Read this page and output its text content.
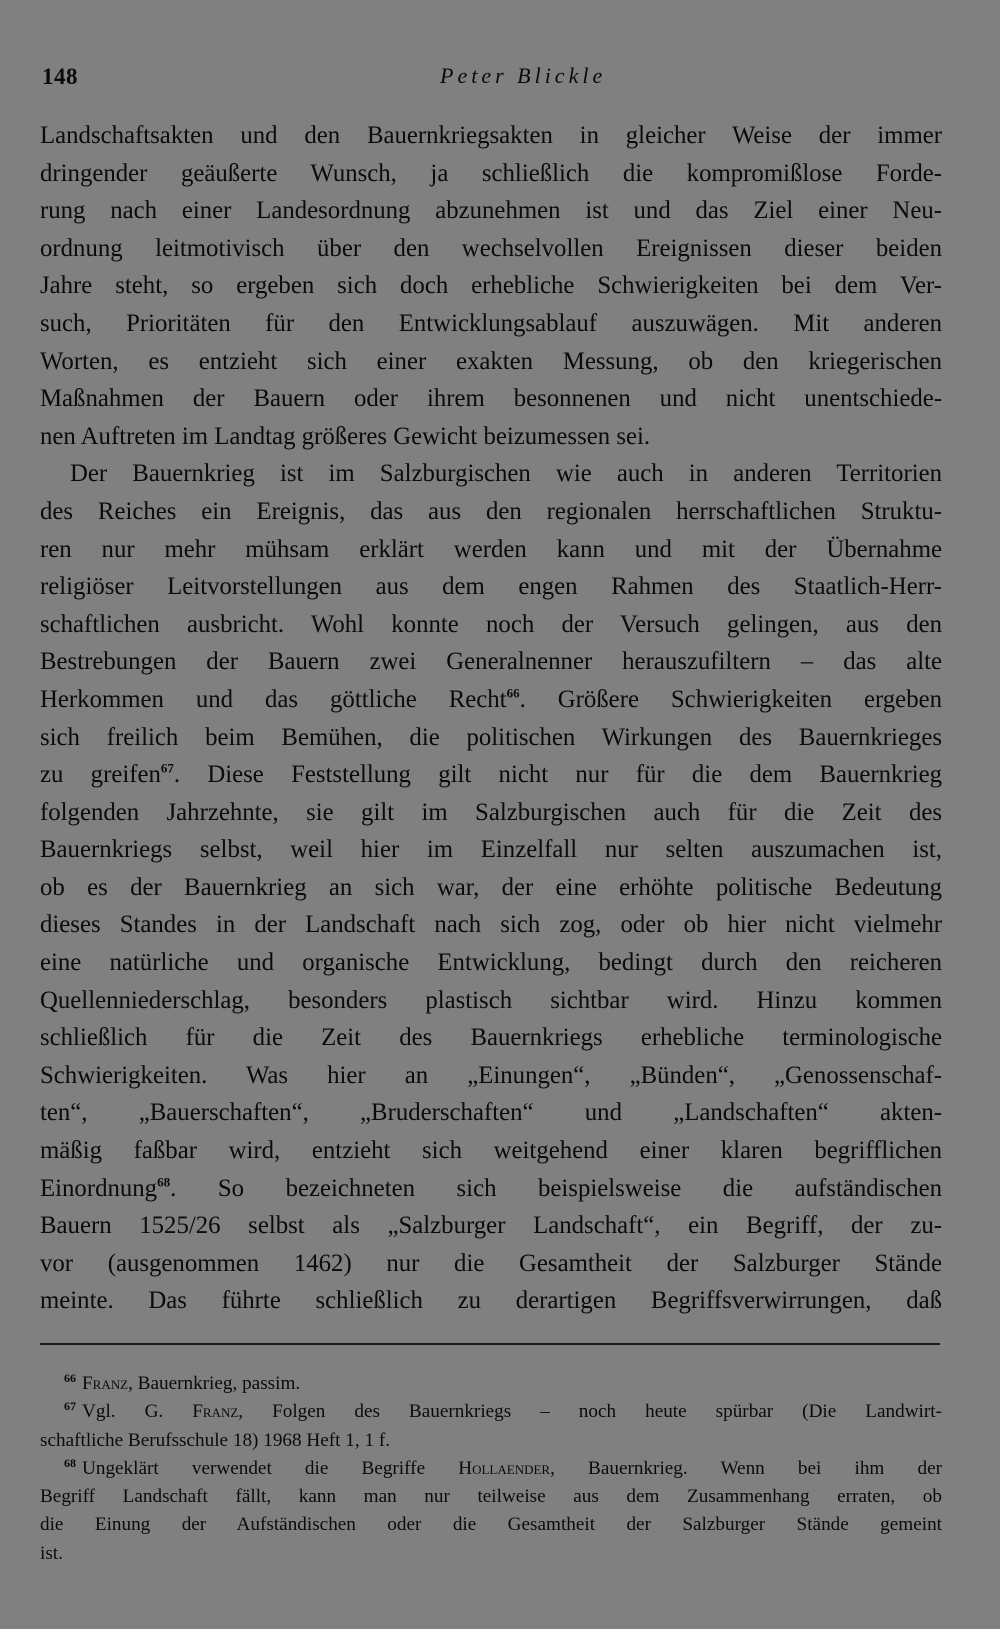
148	Peter Blickle
Landschaftsakten und den Bauernkriegsakten in gleicher Weise der immer
dringender geäußerte Wunsch, ja schließlich die kompromißlose Forde-
rung nach einer Landesordnung abzunehmen ist und das Ziel einer Neu-
ordnung leitmotivisch über den wechselvollen Ereignissen dieser beiden
Jahre steht, so ergeben sich doch erhebliche Schwierigkeiten bei dem Ver-
such, Prioritäten für den Entwicklungsablauf auszuwägen. Mit anderen
Worten, es entzieht sich einer exakten Messung, ob den kriegerischen
Maßnahmen der Bauern oder ihrem besonnenen und nicht unentschiede-
nen Auftreten im Landtag größeres Gewicht beizumessen sei.
Der Bauernkrieg ist im Salzburgischen wie auch in anderen Territorien
des Reiches ein Ereignis, das aus den regionalen herrschaftlichen Struktu-
ren nur mehr mühsam erklärt werden kann und mit der Übernahme
religiöser Leitvorstellungen aus dem engen Rahmen des Staatlich-Herr-
schaftlichen ausbricht. Wohl konnte noch der Versuch gelingen, aus den
Bestrebungen der Bauern zwei Generalnenner herauszufiltern – das alte
Herkommen und das göttliche Recht$^{66}$. Größere Schwierigkeiten ergeben
sich freilich beim Bemühen, die politischen Wirkungen des Bauernkrieges
zu greifen$^{67}$. Diese Feststellung gilt nicht nur für die dem Bauernkrieg
folgenden Jahrzehnte, sie gilt im Salzburgischen auch für die Zeit des
Bauernkriegs selbst, weil hier im Einzelfall nur selten auszumachen ist,
ob es der Bauernkrieg an sich war, der eine erhöhte politische Bedeutung
dieses Standes in der Landschaft nach sich zog, oder ob hier nicht vielmehr
eine natürliche und organische Entwicklung, bedingt durch den reicheren
Quellenniederschlag, besonders plastisch sichtbar wird. Hinzu kommen
schließlich für die Zeit des Bauernkriegs erhebliche terminologische
Schwierigkeiten. Was hier an „Einungen“, „Bünden“, „Genossenschaf-
ten“, „Bauerschaften“, „Bruderschaften“ und „Landschaften“ akten-
mäßig faßbar wird, entzieht sich weitgehend einer klaren begrifflichen
Einordnung$^{68}$. So bezeichneten sich beispielsweise die aufständischen
Bauern 1525/26 selbst als „Salzburger Landschaft“, ein Begriff, der zu-
vor (ausgenommen 1462) nur die Gesamtheit der Salzburger Stände
meinte. Das führte schließlich zu derartigen Begriffsverwirrungen, daß
$^{66}$ Franz, Bauernkrieg, passim.
$^{67}$ Vgl. G. Franz, Folgen des Bauernkriegs – noch heute spürbar (Die Landwirt-
schaftliche Berufsschule 18) 1968 Heft 1, 1 f.
$^{68}$ Ungeklärt verwendet die Begriffe Hollaender, Bauernkrieg. Wenn bei ihm der
Begriff Landschaft fällt, kann man nur teilweise aus dem Zusammenhang erraten, ob
die Einung der Aufständischen oder die Gesamtheit der Salzburger Stände gemeint
ist.
